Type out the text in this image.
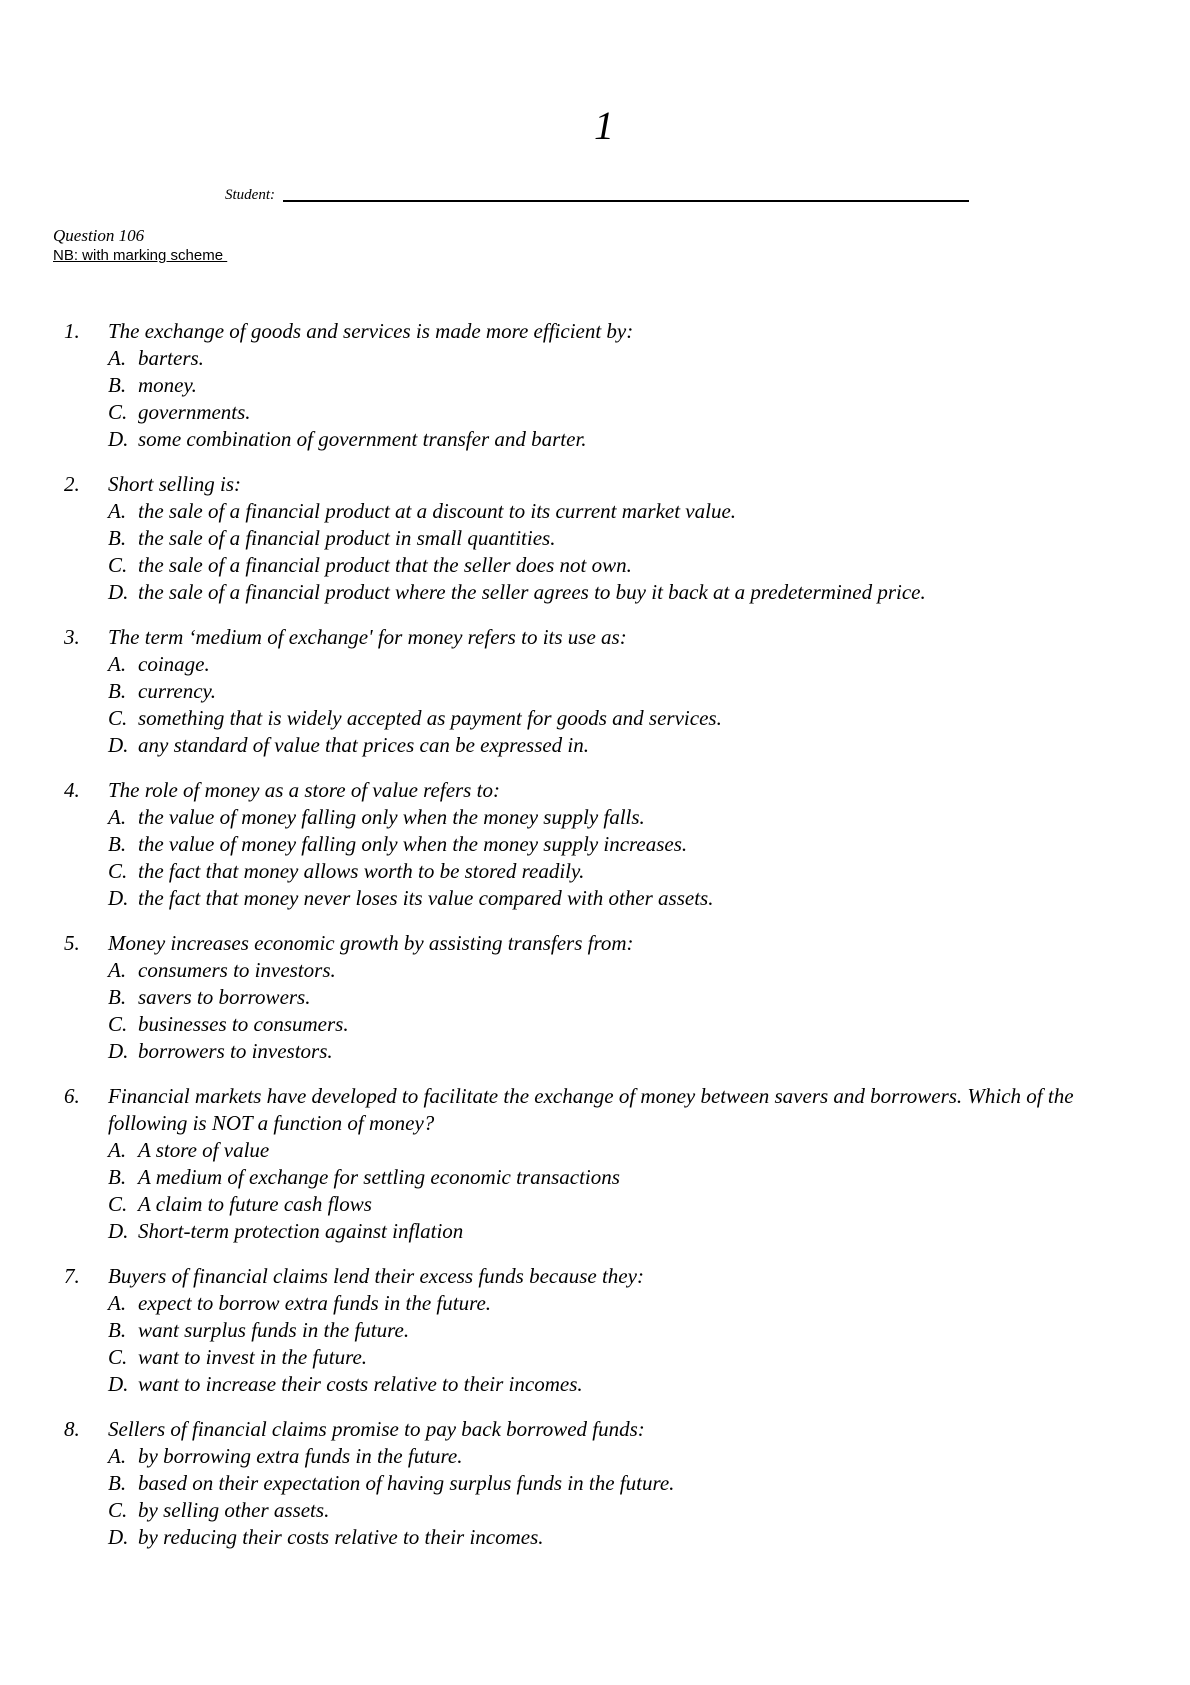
1
Student:
Question 106
NB: with marking scheme
1.	The exchange of goods and services is made more efficient by:
A. barters.
B. money.
C. governments.
D. some combination of government transfer and barter.
2.	Short selling is:
A. the sale of a financial product at a discount to its current market value.
B. the sale of a financial product in small quantities.
C. the sale of a financial product that the seller does not own.
D. the sale of a financial product where the seller agrees to buy it back at a predetermined price.
3.	The term ‘medium of exchange' for money refers to its use as:
A. coinage.
B. currency.
C. something that is widely accepted as payment for goods and services.
D. any standard of value that prices can be expressed in.
4.	The role of money as a store of value refers to:
A. the value of money falling only when the money supply falls.
B. the value of money falling only when the money supply increases.
C. the fact that money allows worth to be stored readily.
D. the fact that money never loses its value compared with other assets.
5.	Money increases economic growth by assisting transfers from:
A. consumers to investors.
B. savers to borrowers.
C. businesses to consumers.
D. borrowers to investors.
6.	Financial markets have developed to facilitate the exchange of money between savers and borrowers. Which of the following is NOT a function of money?
A. A store of value
B. A medium of exchange for settling economic transactions
C. A claim to future cash flows
D. Short-term protection against inflation
7.	Buyers of financial claims lend their excess funds because they:
A. expect to borrow extra funds in the future.
B. want surplus funds in the future.
C. want to invest in the future.
D. want to increase their costs relative to their incomes.
8.	Sellers of financial claims promise to pay back borrowed funds:
A. by borrowing extra funds in the future.
B. based on their expectation of having surplus funds in the future.
C. by selling other assets.
D. by reducing their costs relative to their incomes.
